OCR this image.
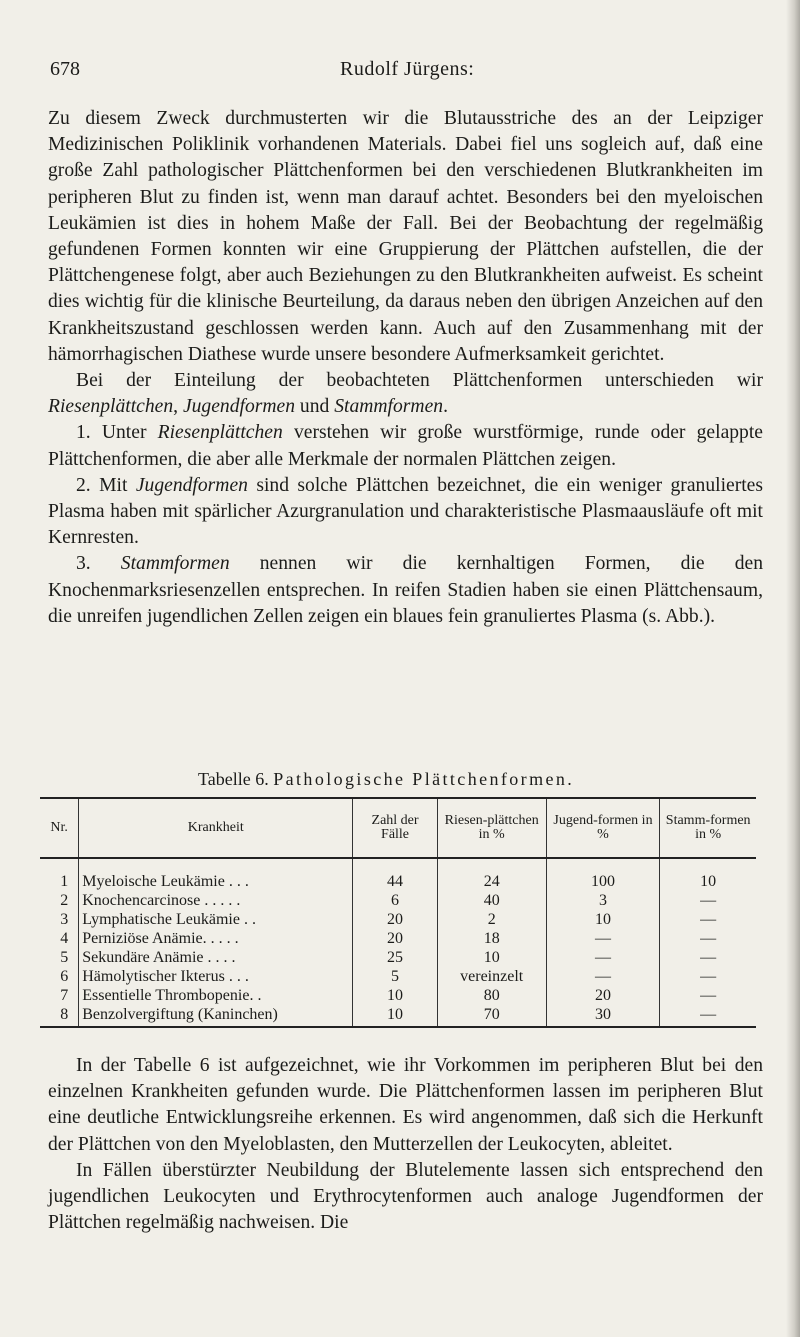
678	Rudolf Jürgens:

Zu diesem Zweck durchmusterten wir die Blutausstriche des an der Leipziger Medizinischen Poliklinik vorhandenen Materials. Dabei fiel uns sogleich auf, daß eine große Zahl pathologischer Plättchenformen bei den verschiedenen Blutkrankheiten im peripheren Blut zu finden ist, wenn man darauf achtet. Besonders bei den myeloischen Leukämien ist dies in hohem Maße der Fall. Bei der Beobachtung der regelmäßig gefundenen Formen konnten wir eine Gruppierung der Plättchen aufstellen, die der Plättchengenese folgt, aber auch Beziehungen zu den Blutkrankheiten aufweist. Es scheint dies wichtig für die klinische Beurteilung, da daraus neben den übrigen Anzeichen auf den Krankheitszustand geschlossen werden kann. Auch auf den Zusammenhang mit der hämorrhagischen Diathese wurde unsere besondere Aufmerksamkeit gerichtet.

Bei der Einteilung der beobachteten Plättchenformen unterschieden wir Riesenplättchen, Jugendformen und Stammformen.

1. Unter Riesenplättchen verstehen wir große wurstförmige, runde oder gelappte Plättchenformen, die aber alle Merkmale der normalen Plättchen zeigen.

2. Mit Jugendformen sind solche Plättchen bezeichnet, die ein weniger granuliertes Plasma haben mit spärlicher Azurgranulation und charakteristische Plasmaausläufe oft mit Kernresten.

3. Stammformen nennen wir die kernhaltigen Formen, die den Knochenmarksriesenzellen entsprechen. In reifen Stadien haben sie einen Plättchensaum, die unreifen jugendlichen Zellen zeigen ein blaues fein granuliertes Plasma (s. Abb.).

Tabelle 6. Pathologische Plättchenformen.
Nr.	Krankheit	Zahl der Fälle	Riesen-plättchen in %	Jugend-formen in %	Stamm-formen in %
1	Myeloische Leukämie . . .	44	24	100	10
2	Knochencarcinose . . . . .	6	40	3	—
3	Lymphatische Leukämie . .	20	2	10	—
4	Perniziöse Anämie. . . . .	20	18	—	—
5	Sekundäre Anämie . . . .	25	10	—	—
6	Hämolytischer Ikterus . . .	5	vereinzelt	—	—
7	Essentielle Thrombopenie. .	10	80	20	—
8	Benzolvergiftung (Kaninchen)	10	70	30	—

In der Tabelle 6 ist aufgezeichnet, wie ihr Vorkommen im peripheren Blut bei den einzelnen Krankheiten gefunden wurde. Die Plättchenformen lassen im peripheren Blut eine deutliche Entwicklungsreihe erkennen. Es wird angenommen, daß sich die Herkunft der Plättchen von den Myeloblasten, den Mutterzellen der Leukocyten, ableitet.

In Fällen überstürzter Neubildung der Blutelemente lassen sich entsprechend den jugendlichen Leukocyten und Erythrocytenformen auch analoge Jugendformen der Plättchen regelmäßig nachweisen. Die
